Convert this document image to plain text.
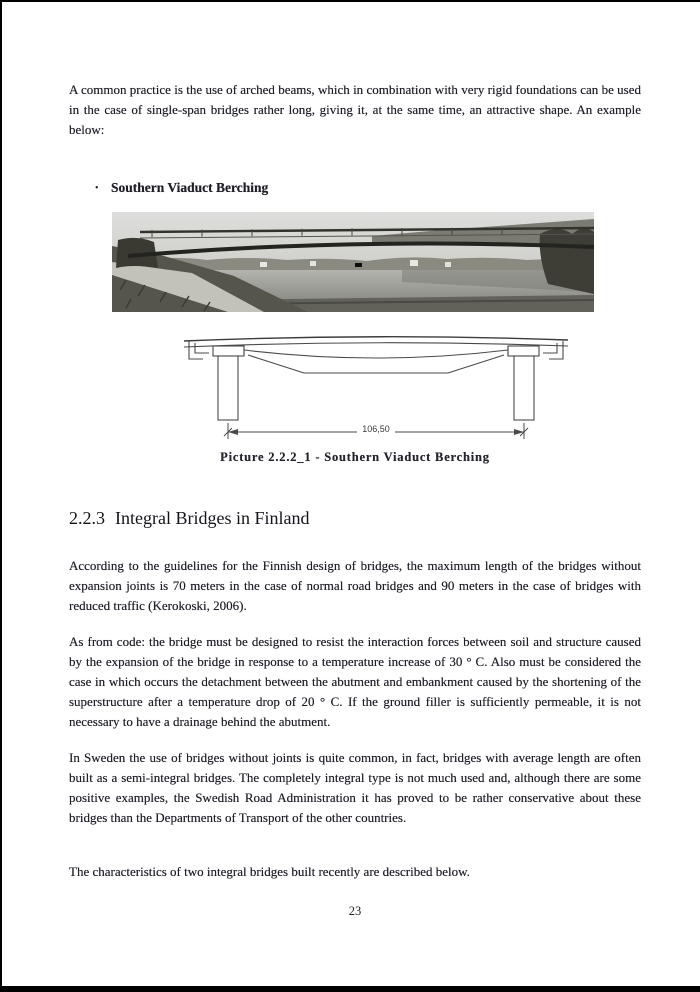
A common practice is the use of arched beams, which in combination with very rigid foundations can be used in the case of single-span bridges rather long, giving it, at the same time, an attractive shape. An example below:

• Southern Viaduct Berching
106,50
Picture 2.2.2_1 - Southern Viaduct Berching
2.2.3 Integral Bridges in Finland

According to the guidelines for the Finnish design of bridges, the maximum length of the bridges without expansion joints is 70 meters in the case of normal road bridges and 90 meters in the case of bridges with reduced traffic (Kerokoski, 2006).

As from code: the bridge must be designed to resist the interaction forces between soil and structure caused by the expansion of the bridge in response to a temperature increase of 30 ° C. Also must be considered the case in which occurs the detachment between the abutment and embankment caused by the shortening of the superstructure after a temperature drop of 20 ° C. If the ground filler is sufficiently permeable, it is not necessary to have a drainage behind the abutment.

In Sweden the use of bridges without joints is quite common, in fact, bridges with average length are often built as a semi-integral bridges. The completely integral type is not much used and, although there are some positive examples, the Swedish Road Administration it has proved to be rather conservative about these bridges than the Departments of Transport of the other countries.

The characteristics of two integral bridges built recently are described below.

23
